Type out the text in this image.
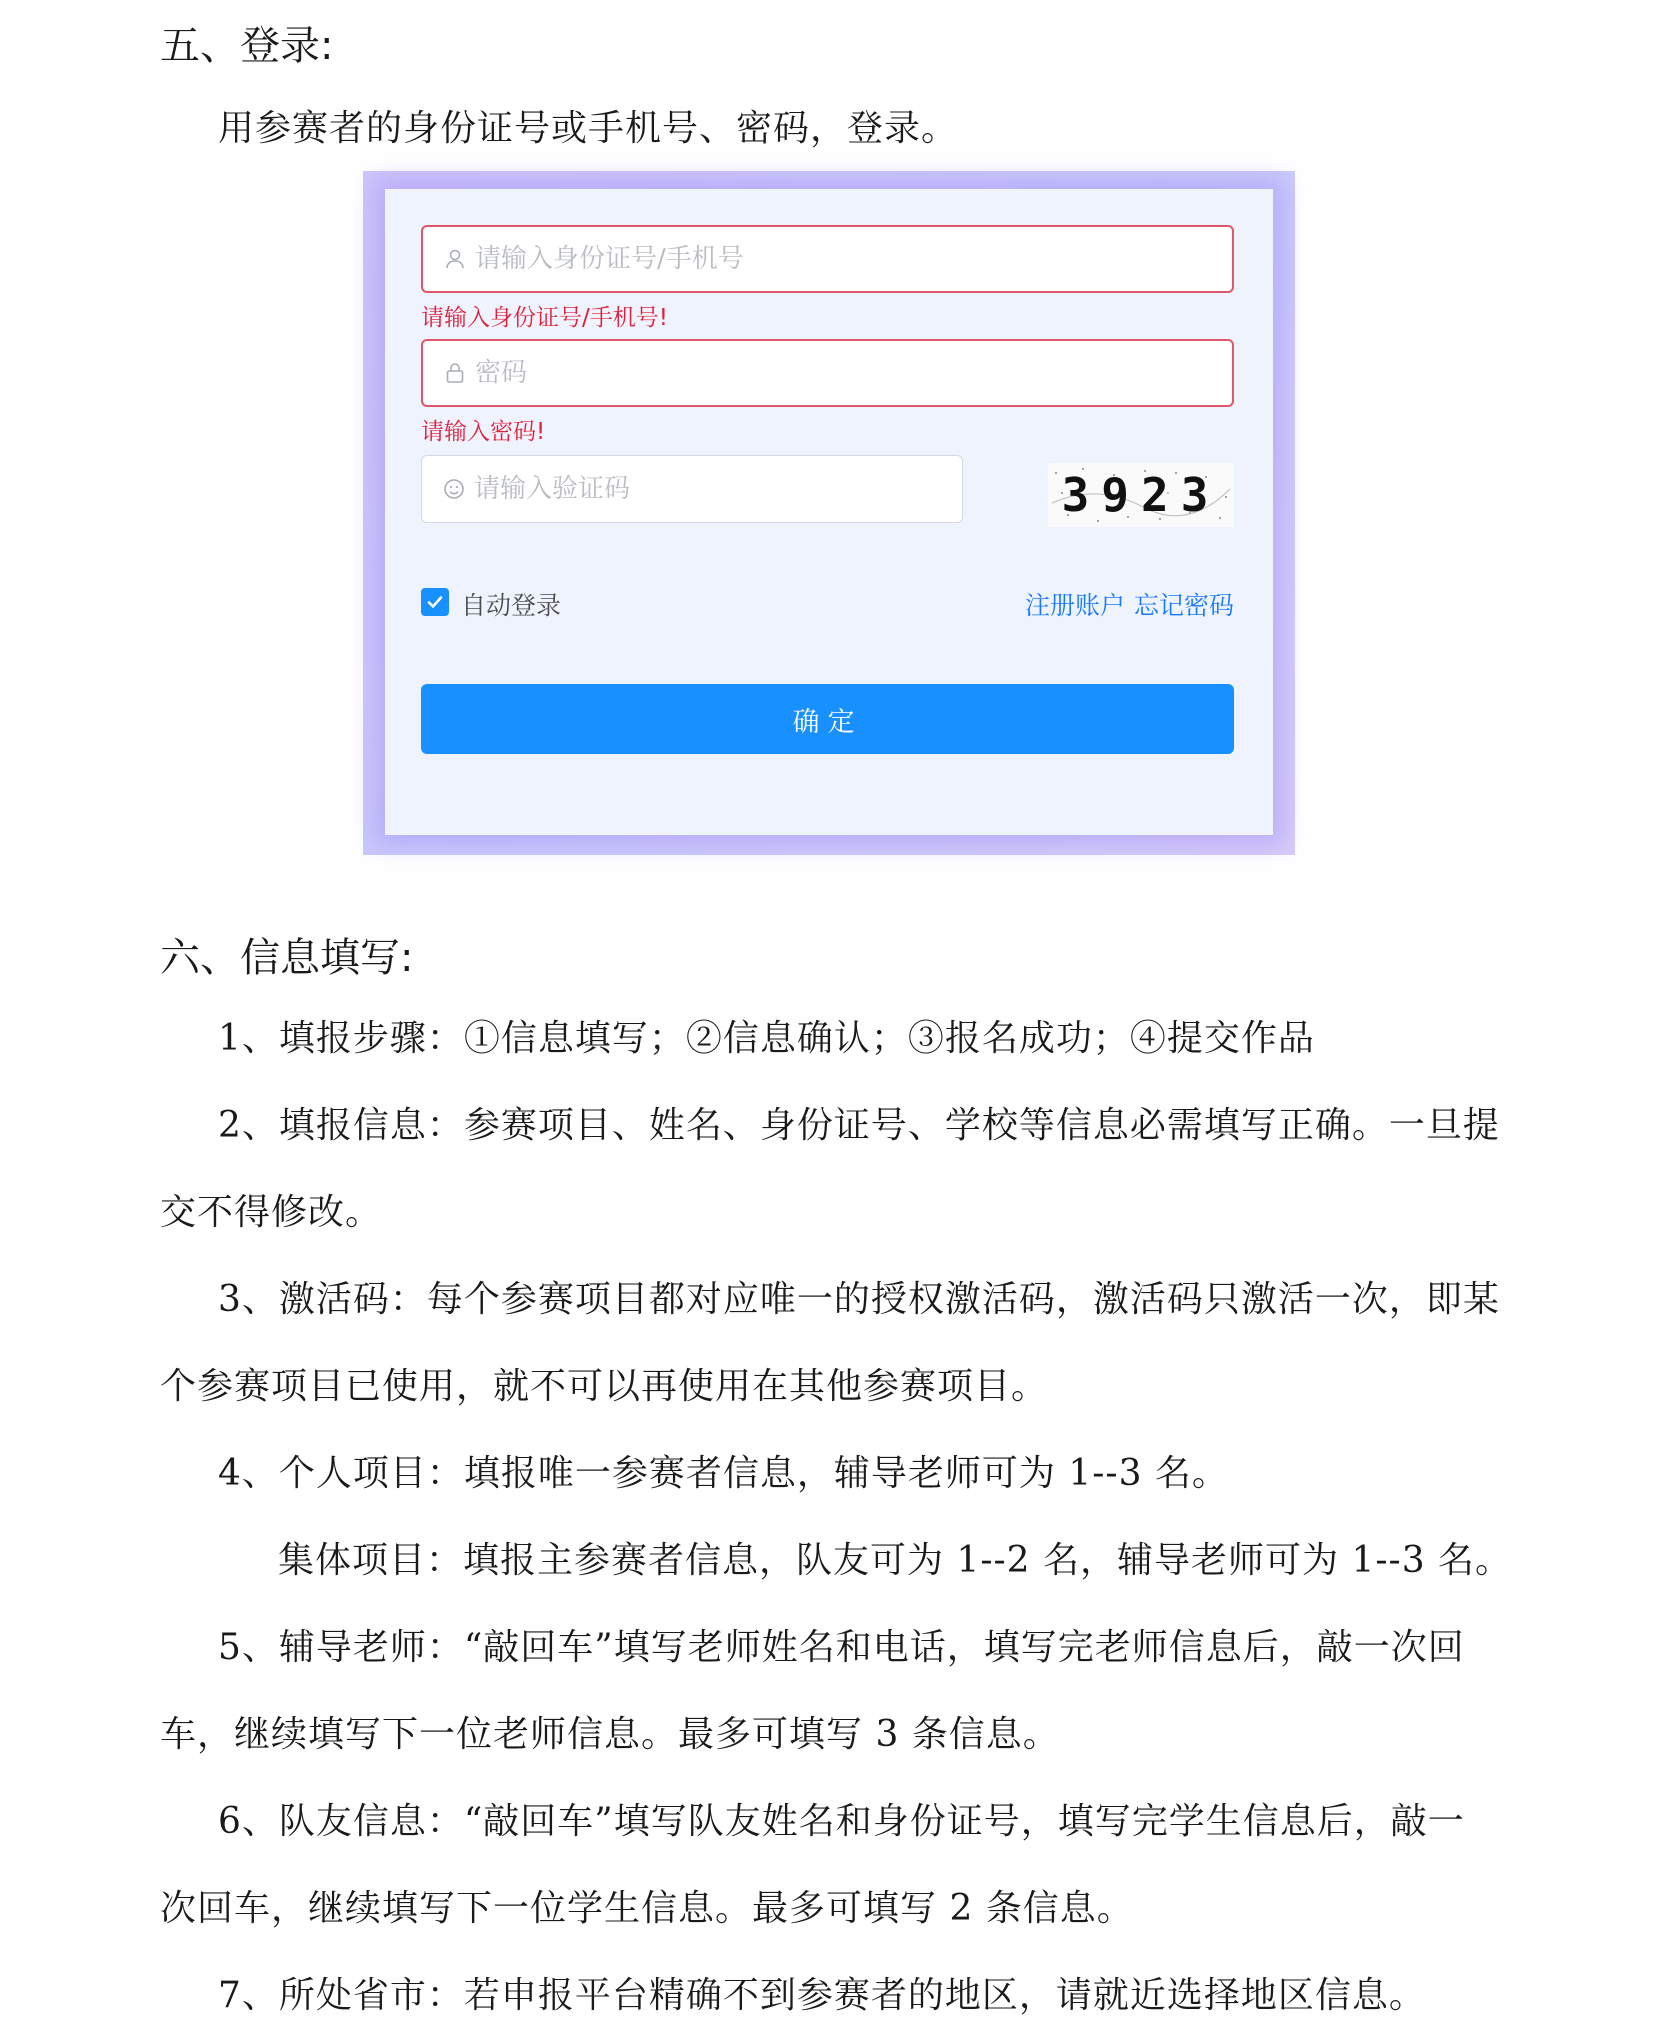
五、登录:

用参赛者的身份证号或手机号、密码，登录。

请输入身份证号/手机号
请输入身份证号/手机号!
请输入密码!
请输入验证码
3923
自动登录	注册账户 忘记密码
确定
六、信息填写:

1、填报步骤：①信息填写；②信息确认；③报名成功；④提交作品

2、填报信息：参赛项目、姓名、身份证号、学校等信息必需填写正确。一旦提

交不得修改。

3、激活码：每个参赛项目都对应唯一的授权激活码，激活码只激活一次，即某

个参赛项目已使用，就不可以再使用在其他参赛项目。

4、个人项目：填报唯一参赛者信息，辅导老师可为 1--3 名。

集体项目：填报主参赛者信息，队友可为 1--2 名，辅导老师可为 1--3 名。

5、辅导老师：“敲回车”填写老师姓名和电话，填写完老师信息后，敲一次回

车，继续填写下一位老师信息。最多可填写 3 条信息。

6、队友信息：“敲回车”填写队友姓名和身份证号，填写完学生信息后，敲一

次回车，继续填写下一位学生信息。最多可填写 2 条信息。

7、所处省市：若申报平台精确不到参赛者的地区，请就近选择地区信息。
